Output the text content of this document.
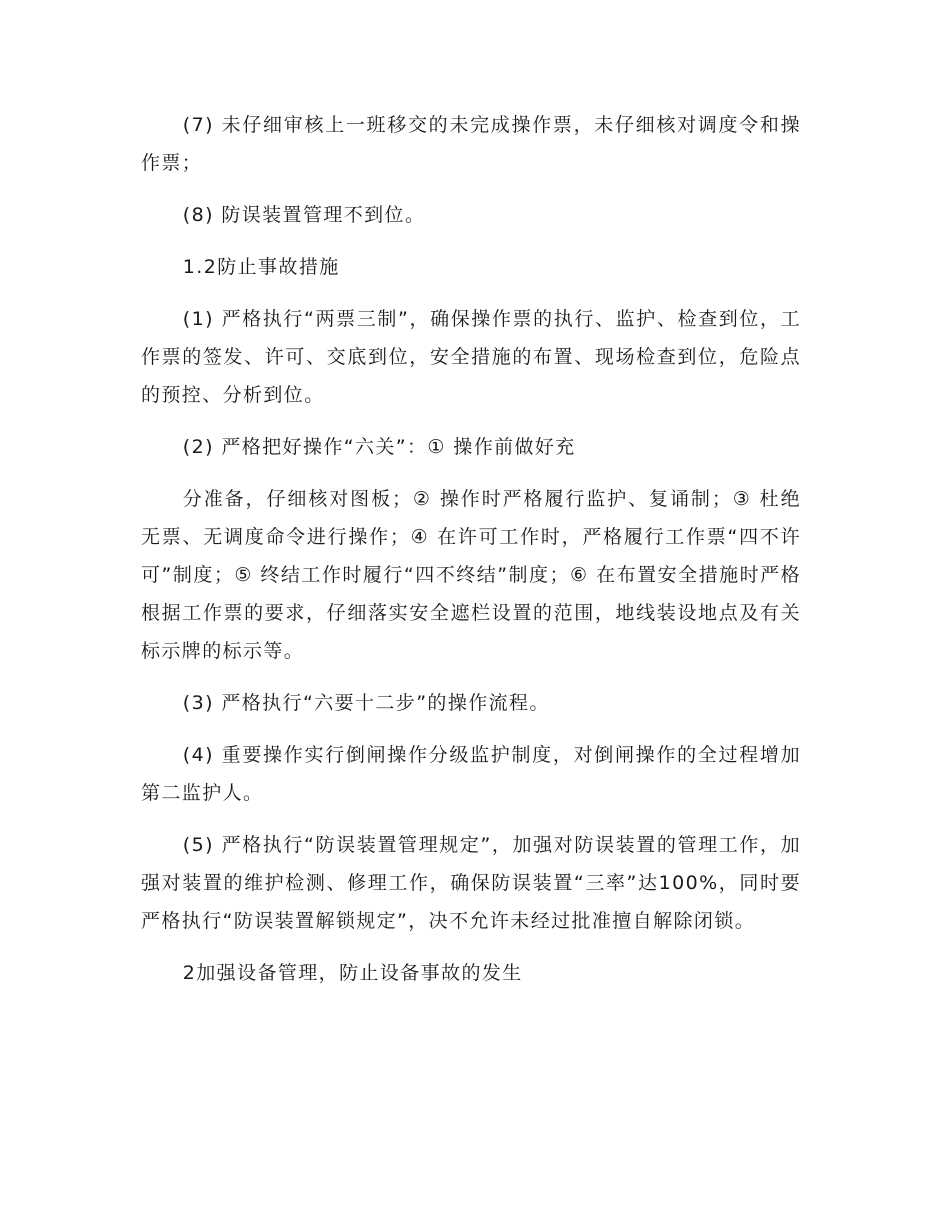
(7) 未仔细审核上一班移交的未完成操作票，未仔细核对调度令和操作票；

(8) 防误装置管理不到位。

1.2防止事故措施

(1) 严格执行“两票三制”，确保操作票的执行、监护、检查到位，工作票的签发、许可、交底到位，安全措施的布置、现场检查到位，危险点的预控、分析到位。

(2) 严格把好操作“六关”：① 操作前做好充

分准备，仔细核对图板；② 操作时严格履行监护、复诵制；③ 杜绝无票、无调度命令进行操作；④ 在许可工作时，严格履行工作票“四不许可”制度；⑤ 终结工作时履行“四不终结”制度；⑥ 在布置安全措施时严格根据工作票的要求，仔细落实安全遮栏设置的范围，地线装设地点及有关标示牌的标示等。

(3) 严格执行“六要十二步”的操作流程。

(4) 重要操作实行倒闸操作分级监护制度，对倒闸操作的全过程增加第二监护人。

(5) 严格执行“防误装置管理规定”，加强对防误装置的管理工作，加强对装置的维护检测、修理工作，确保防误装置“三率”达100%，同时要严格执行“防误装置解锁规定”，决不允许未经过批准擅自解除闭锁。

2加强设备管理，防止设备事故的发生
